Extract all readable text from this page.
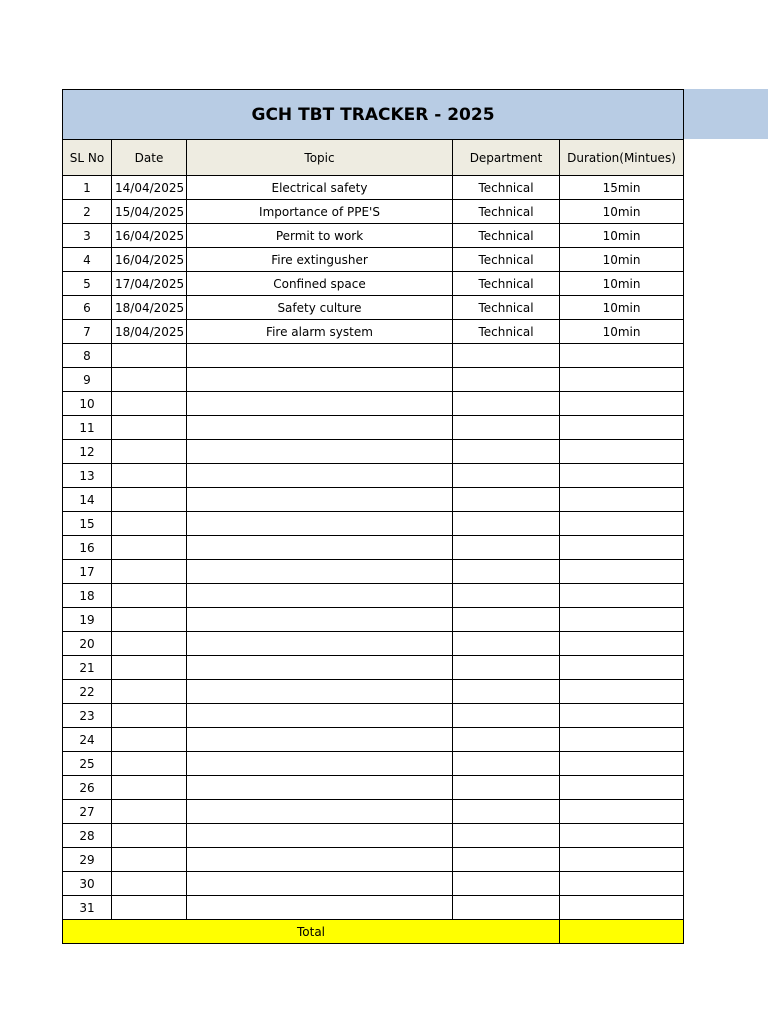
GCH TBT TRACKER - 2025				
SL No	Date	Topic	Department	Duration(Mintues)
1	14/04/2025	Electrical safety	Technical	15min
2	15/04/2025	Importance of PPE'S	Technical	10min
3	16/04/2025	Permit to work	Technical	10min
4	16/04/2025	Fire extingusher	Technical	10min
5	17/04/2025	Confined space	Technical	10min
6	18/04/2025	Safety culture	Technical	10min
7	18/04/2025	Fire alarm system	Technical	10min
8				
9				
10				
11				
12				
13				
14				
15				
16				
17				
18				
19				
20				
21				
22				
23				
24				
25				
26				
27				
28				
29				
30				
31				
Total				
